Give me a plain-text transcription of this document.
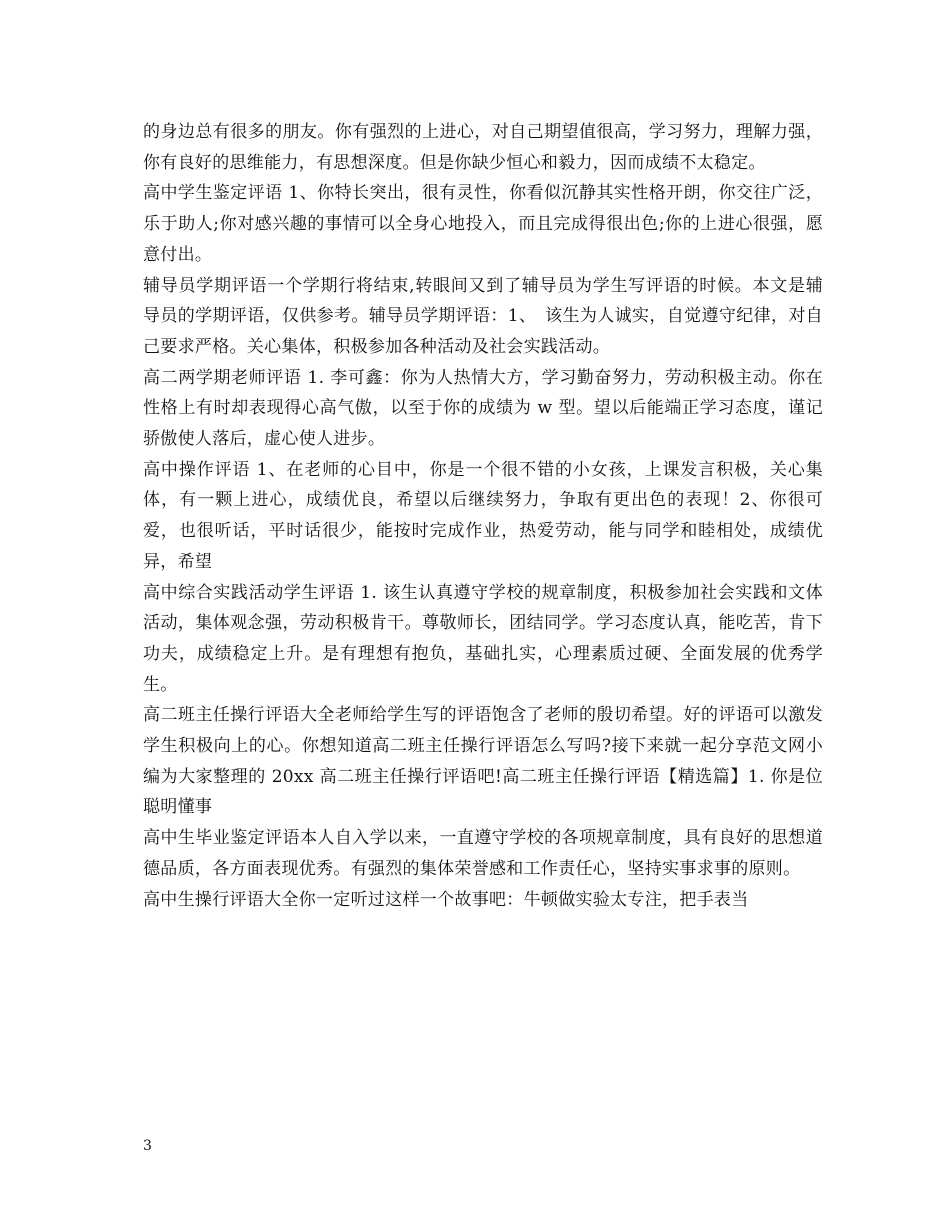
的身边总有很多的朋友。你有强烈的上进心，对自己期望值很高，学习努力，理解力强，你有良好的思维能力，有思想深度。但是你缺少恒心和毅力，因而成绩不太稳定。

高中学生鉴定评语 1、你特长突出，很有灵性，你看似沉静其实性格开朗，你交往广泛，乐于助人;你对感兴趣的事情可以全身心地投入，而且完成得很出色;你的上进心很强，愿意付出。

辅导员学期评语一个学期行将结束,转眼间又到了辅导员为学生写评语的时候。本文是辅导员的学期评语，仅供参考。辅导员学期评语：1、　该生为人诚实，自觉遵守纪律，对自己要求严格。关心集体，积极参加各种活动及社会实践活动。

高二两学期老师评语 1. 李可鑫：你为人热情大方，学习勤奋努力，劳动积极主动。你在性格上有时却表现得心高气傲，以至于你的成绩为 w 型。望以后能端正学习态度，谨记骄傲使人落后，虚心使人进步。

高中操作评语 1、在老师的心目中，你是一个很不错的小女孩，上课发言积极，关心集体，有一颗上进心，成绩优良，希望以后继续努力，争取有更出色的表现！2、你很可爱，也很听话，平时话很少，能按时完成作业，热爱劳动，能与同学和睦相处，成绩优异，希望

高中综合实践活动学生评语 1. 该生认真遵守学校的规章制度，积极参加社会实践和文体活动，集体观念强，劳动积极肯干。尊敬师长，团结同学。学习态度认真，能吃苦，肯下功夫，成绩稳定上升。是有理想有抱负，基础扎实，心理素质过硬、全面发展的优秀学生。

高二班主任操行评语大全老师给学生写的评语饱含了老师的殷切希望。好的评语可以激发学生积极向上的心。你想知道高二班主任操行评语怎么写吗?接下来就一起分享范文网小编为大家整理的 20xx 高二班主任操行评语吧!高二班主任操行评语【精选篇】1. 你是位聪明懂事

高中生毕业鉴定评语本人自入学以来，一直遵守学校的各项规章制度，具有良好的思想道 德品质，各方面表现优秀。有强烈的集体荣誉感和工作责任心，坚持实事求事的原则。

高中生操行评语大全你一定听过这样一个故事吧：牛顿做实验太专注，把手表当

3
